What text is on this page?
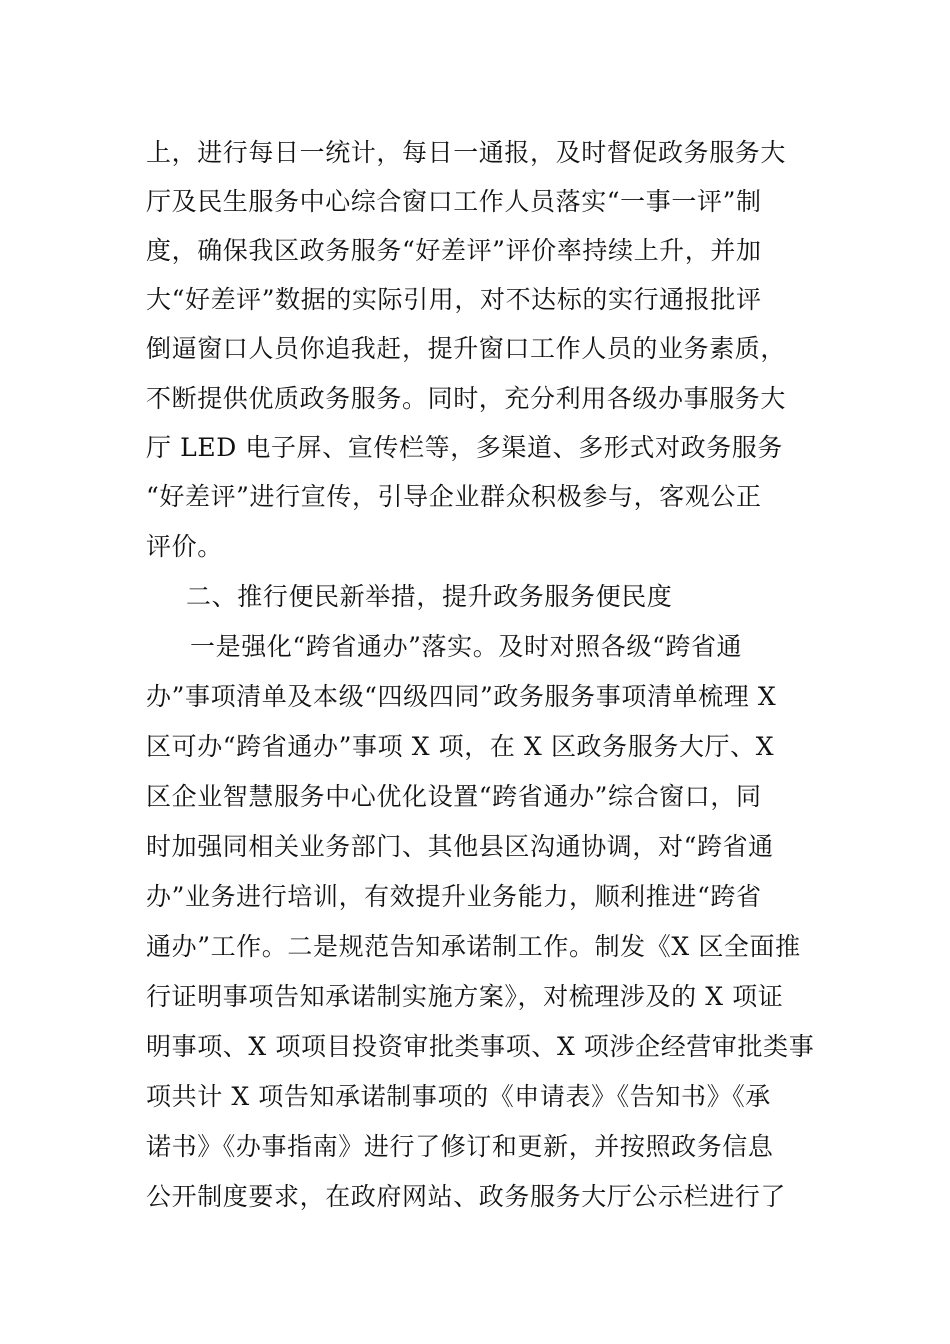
上，进行每日一统计，每日一通报，及时督促政务服务大
厅及民生服务中心综合窗口工作人员落实“一事一评”制
度，确保我区政务服务“好差评”评价率持续上升，并加
大“好差评”数据的实际引用，对不达标的实行通报批评
倒逼窗口人员你追我赶，提升窗口工作人员的业务素质，
不断提供优质政务服务。同时，充分利用各级办事服务大
厅 LED 电子屏、宣传栏等，多渠道、多形式对政务服务
“好差评”进行宣传，引导企业群众积极参与，客观公正
评价。
二、推行便民新举措，提升政务服务便民度
一是强化“跨省通办”落实。及时对照各级“跨省通
办”事项清单及本级“四级四同”政务服务事项清单梳理 X
区可办“跨省通办”事项 X 项，在 X 区政务服务大厅、X
区企业智慧服务中心优化设置“跨省通办”综合窗口，同
时加强同相关业务部门、其他县区沟通协调，对“跨省通
办”业务进行培训，有效提升业务能力，顺利推进“跨省
通办”工作。二是规范告知承诺制工作。制发《X 区全面推
行证明事项告知承诺制实施方案》，对梳理涉及的 X 项证
明事项、X 项项目投资审批类事项、X 项涉企经营审批类事
项共计 X 项告知承诺制事项的《申请表》《告知书》《承
诺书》《办事指南》进行了修订和更新，并按照政务信息
公开制度要求，在政府网站、政务服务大厅公示栏进行了
